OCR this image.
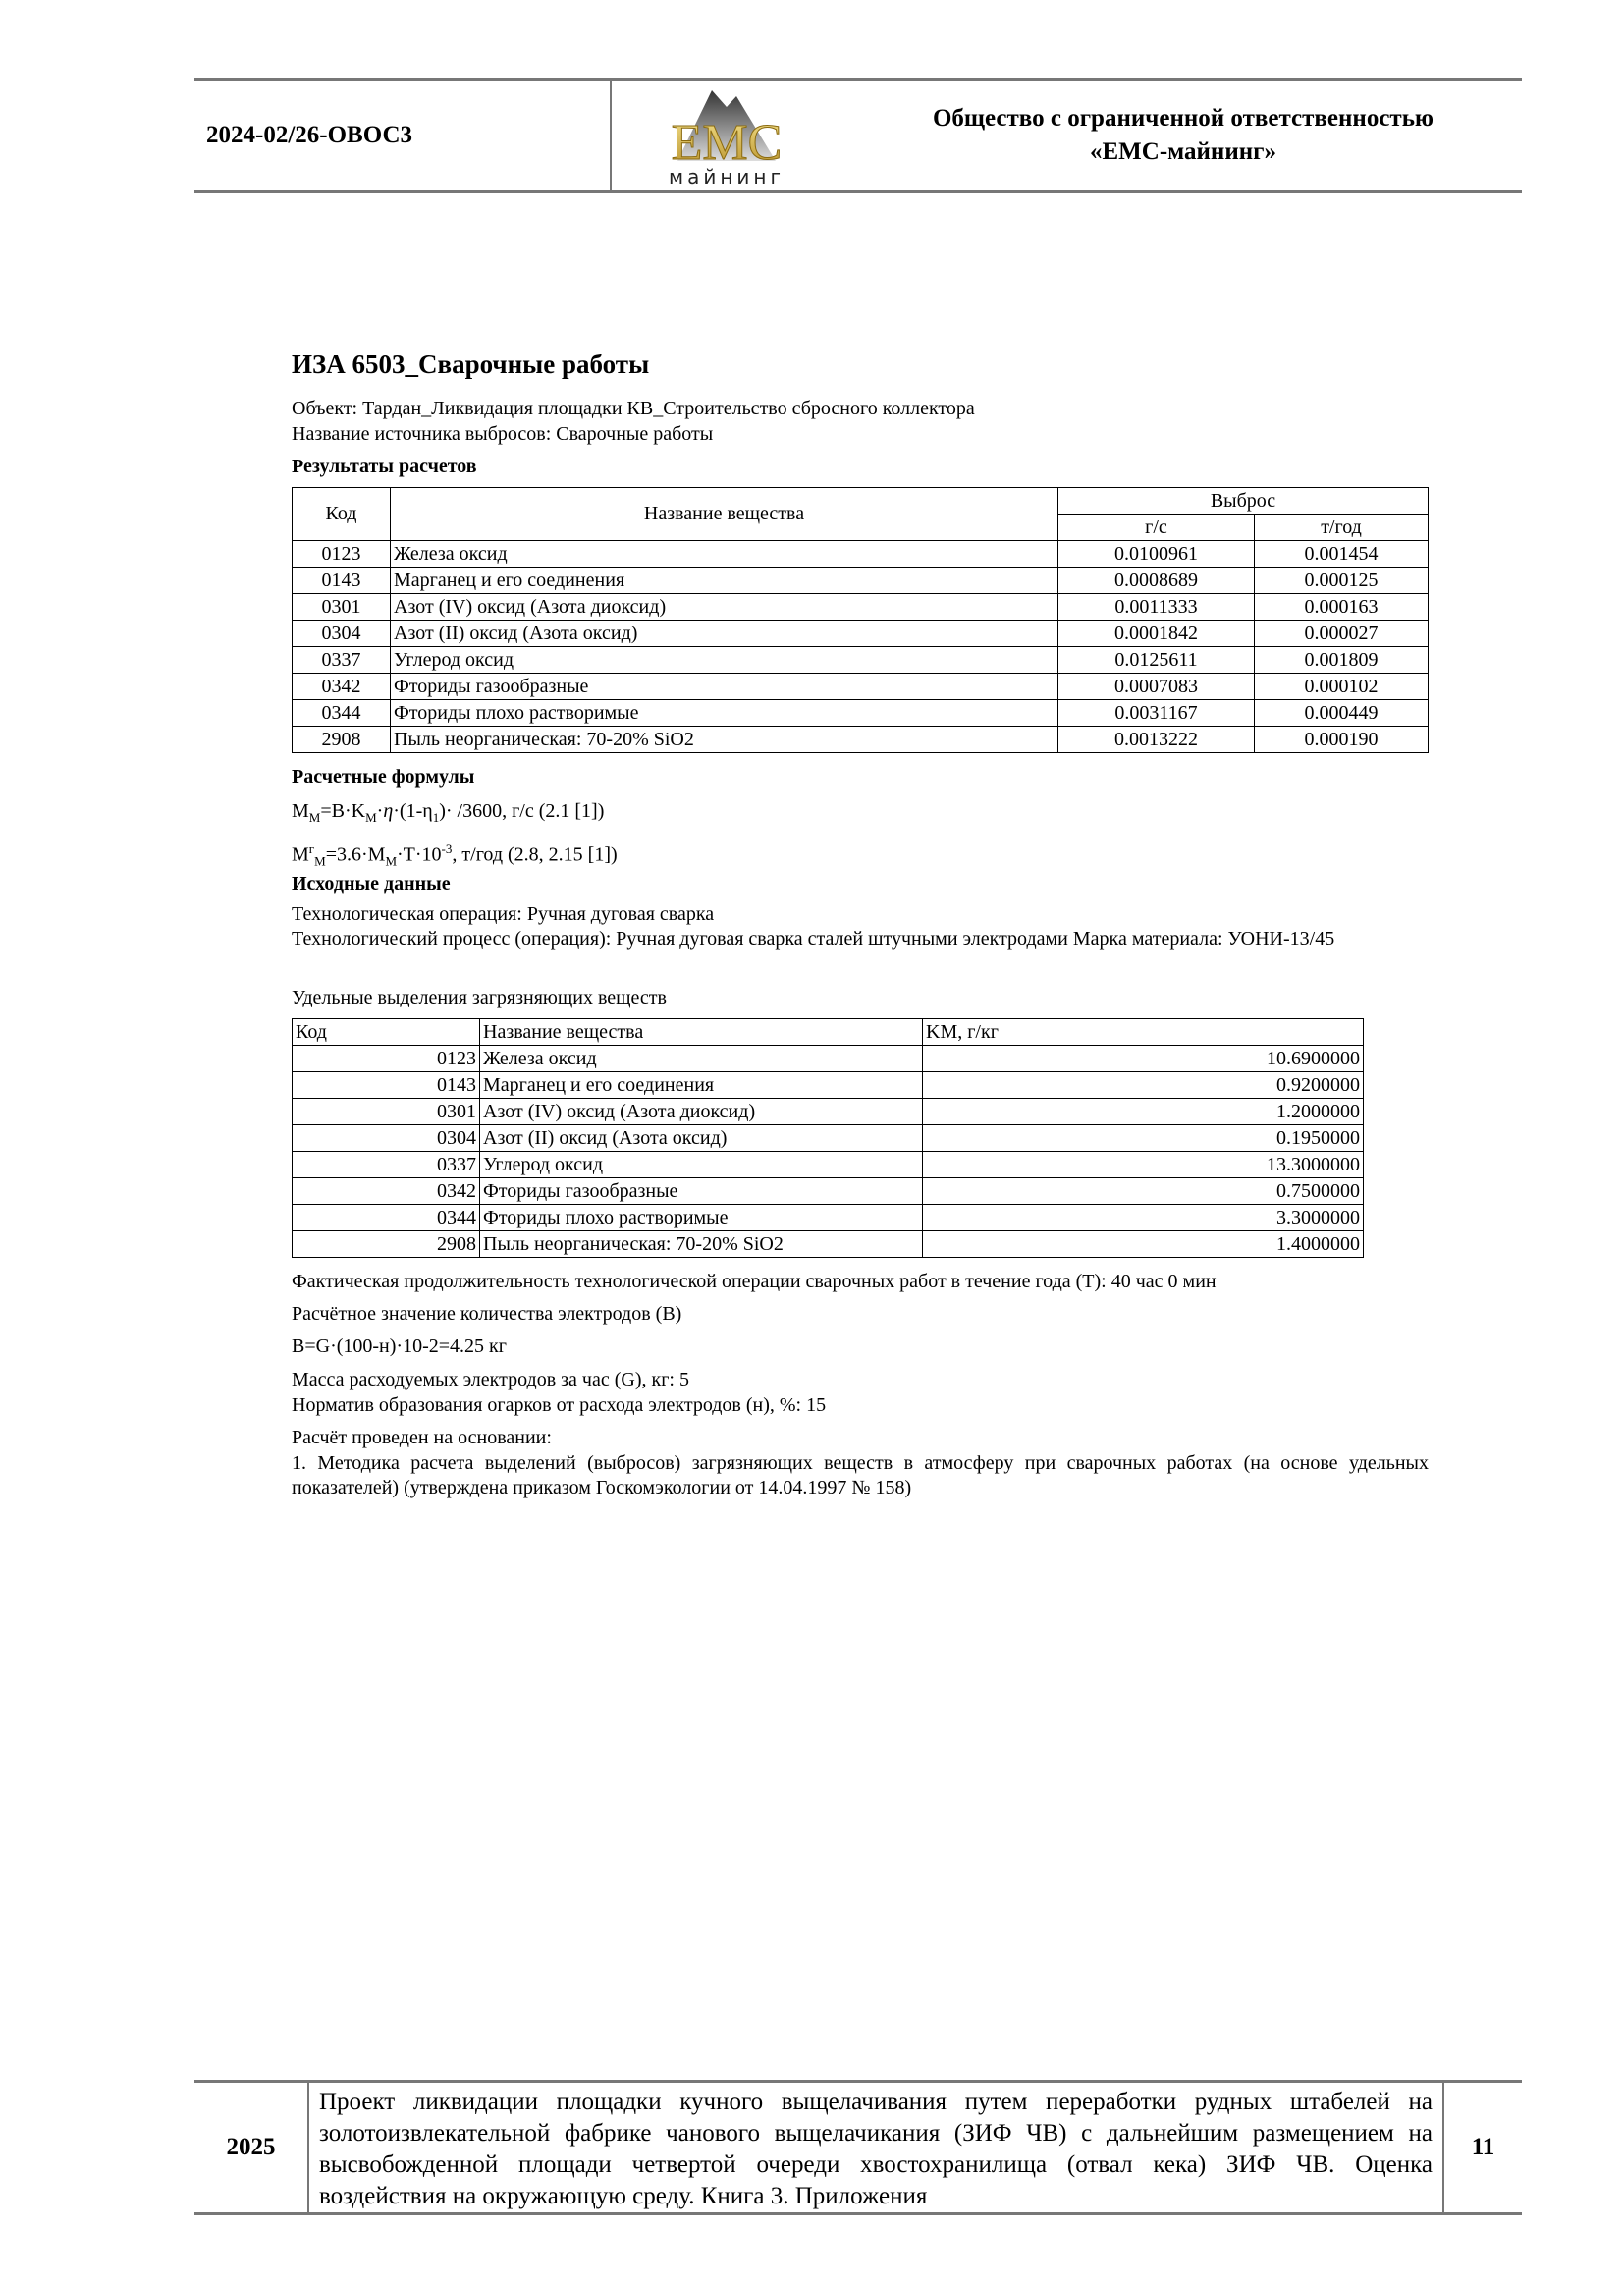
2024-02/26-ОВОС3	ЕМС
майнинг
Общество с ограниченной ответственностью
«ЕМС-майнинг»
ИЗА 6503_Сварочные работы
Объект: Тардан_Ликвидация площадки КВ_Строительство сбросного коллектора
Название источника выбросов: Сварочные работы
Результаты расчетов
Код	Название вещества	Выброс	
		г/с	т/год
0123	Железа оксид	0.0100961	0.001454
0143	Марганец и его соединения	0.0008689	0.000125
0301	Азот (IV) оксид (Азота диоксид)	0.0011333	0.000163
0304	Азот (II) оксид (Азота оксид)	0.0001842	0.000027
0337	Углерод оксид	0.0125611	0.001809
0342	Фториды газообразные	0.0007083	0.000102
0344	Фториды плохо растворимые	0.0031167	0.000449
2908	Пыль неорганическая: 70-20% SiO2	0.0013222	0.000190
Расчетные формулы
$M_M=B\cdot K_M\cdot\eta\cdot(1-\eta_1)\cdot /3600$, г/с (2.1 [1])
$M^г_M=3.6\cdot M_M\cdot T\cdot 10^{-3}$, т/год (2.8, 2.15 [1])
Исходные данные
Технологическая операция: Ручная дуговая сварка
Технологический процесс (операция): Ручная дуговая сварка сталей штучными электродами Марка материала: УОНИ-13/45
Удельные выделения загрязняющих веществ
Код	Название вещества	KM, г/кг
0123	Железа оксид	10.6900000
0143	Марганец и его соединения	0.9200000
0301	Азот (IV) оксид (Азота диоксид)	1.2000000
0304	Азот (II) оксид (Азота оксид)	0.1950000
0337	Углерод оксид	13.3000000
0342	Фториды газообразные	0.7500000
0344	Фториды плохо растворимые	3.3000000
2908	Пыль неорганическая: 70-20% SiO2	1.4000000
Фактическая продолжительность технологической операции сварочных работ в течение года (T): 40 час 0 мин
Расчётное значение количества электродов (B)
B=G·(100-н)·10-2=4.25 кг
Масса расходуемых электродов за час (G), кг: 5
Норматив образования огарков от расхода электродов (н), %: 15
Расчёт проведен на основании:
1. Методика расчета выделений (выбросов) загрязняющих веществ в атмосферу при сварочных работах (на основе удельных показателей) (утверждена приказом Госкомэкологии от 14.04.1997 № 158)
2025
Проект ликвидации площадки кучного выщелачивания путем переработки рудных штабелей на золотоизвлекательной фабрике чанового выщелачикания (ЗИФ ЧВ) с дальнейшим размещением на высвобожденной площади четвертой очереди хвостохранилища (отвал кека) ЗИФ ЧВ. Оценка воздействия на окружающую среду. Книга 3. Приложения
11
